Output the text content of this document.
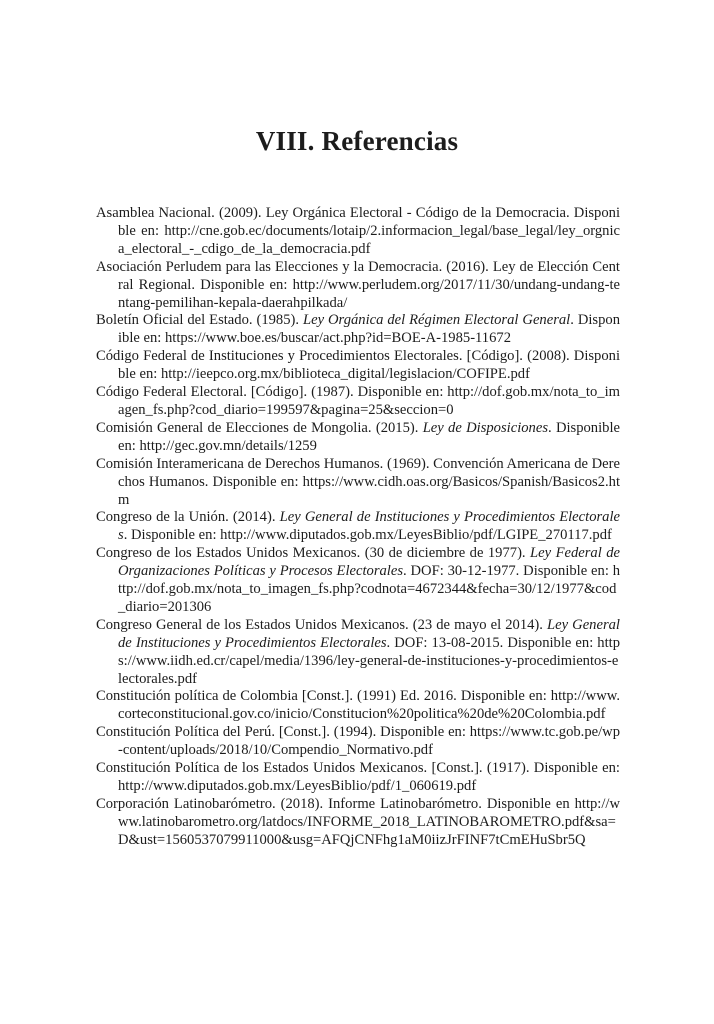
VIII. Referencias
Asamblea Nacional. (2009). Ley Orgánica Electoral - Código de la Democracia. Disponible en: http://cne.gob.ec/documents/lotaip/2.informacion_legal/base_legal/ley_orgnica_electoral_-_cdigo_de_la_democracia.pdf
Asociación Perludem para las Elecciones y la Democracia. (2016). Ley de Elección Central Regional. Disponible en: http://www.perludem.org/2017/11/30/undang-undang-tentang-pemilihan-kepala-daerahpilkada/
Boletín Oficial del Estado. (1985). Ley Orgánica del Régimen Electoral General. Disponible en: https://www.boe.es/buscar/act.php?id=BOE-A-1985-11672
Código Federal de Instituciones y Procedimientos Electorales. [Código]. (2008). Disponible en: http://ieepco.org.mx/biblioteca_digital/legislacion/COFIPE.pdf
Código Federal Electoral. [Código]. (1987). Disponible en: http://dof.gob.mx/nota_to_imagen_fs.php?cod_diario=199597&pagina=25&seccion=0
Comisión General de Elecciones de Mongolia. (2015). Ley de Disposiciones. Disponible en: http://gec.gov.mn/details/1259
Comisión Interamericana de Derechos Humanos. (1969). Convención Americana de Derechos Humanos. Disponible en: https://www.cidh.oas.org/Basicos/Spanish/Basicos2.htm
Congreso de la Unión. (2014). Ley General de Instituciones y Procedimientos Electorales. Disponible en: http://www.diputados.gob.mx/LeyesBiblio/pdf/LGIPE_270117.pdf
Congreso de los Estados Unidos Mexicanos. (30 de diciembre de 1977). Ley Federal de Organizaciones Políticas y Procesos Electorales. DOF: 30-12-1977. Disponible en: http://dof.gob.mx/nota_to_imagen_fs.php?codnota=4672344&fecha=30/12/1977&cod_diario=201306
Congreso General de los Estados Unidos Mexicanos. (23 de mayo el 2014). Ley General de Instituciones y Procedimientos Electorales. DOF: 13-08-2015. Disponible en: https://www.iidh.ed.cr/capel/media/1396/ley-general-de-instituciones-y-procedimientos-electorales.pdf
Constitución política de Colombia [Const.]. (1991) Ed. 2016. Disponible en: http://www.corteconstitucional.gov.co/inicio/Constitucion%20politica%20de%20Colombia.pdf
Constitución Política del Perú. [Const.]. (1994). Disponible en: https://www.tc.gob.pe/wp-content/uploads/2018/10/Compendio_Normativo.pdf
Constitución Política de los Estados Unidos Mexicanos. [Const.]. (1917). Disponible en: http://www.diputados.gob.mx/LeyesBiblio/pdf/1_060619.pdf
Corporación Latinobarómetro. (2018). Informe Latinobarómetro. Disponible en http://www.latinobarometro.org/latdocs/INFORME_2018_LATINOBAROMETRO.pdf&sa=D&ust=1560537079911000&usg=AFQjCNFhg1aM0iizJrFINF7tCmEHuSbr5Q
